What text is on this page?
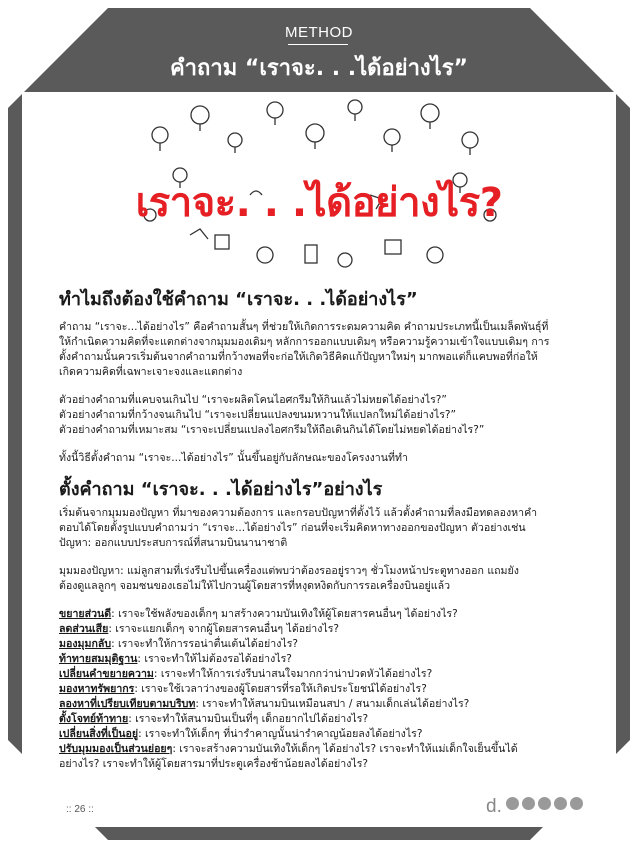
METHOD
คำถาม “เราจะ. . .ได้อย่างไร”
เราจะ. . .ได้อย่างไร?
ทำไมถึงต้องใช้คำถาม “เราจะ. . .ได้อย่างไร”
คำถาม “เราจะ...ได้อย่างไร” คือคำถามสั้นๆ ที่ช่วยให้เกิดการระดมความคิด คำถามประเภทนี้เป็นเมล็ดพันธุ์ที่
ให้กำเนิดความคิดที่จะแตกต่างจากมุมมองเดิมๆ หลักการออกแบบเดิมๆ หรือความรู้ความเข้าใจแบบเดิมๆ การ
ตั้งคำถามนั้นควรเริ่มต้นจากคำถามที่กว้างพอที่จะก่อให้เกิดวิธีคิดแก้ปัญหาใหม่ๆ มากพอแต่ก็แคบพอที่ก่อให้
เกิดความคิดที่เฉพาะเจาะจงและแตกต่าง
ตัวอย่างคำถามที่แคบจนเกินไป “เราจะผลิตโคนไอศกรีมให้กินแล้วไม่หยดได้อย่างไร?”
ตัวอย่างคำถามที่กว้างจนเกินไป “เราจะเปลี่ยนแปลงขนมหวานให้แปลกใหม่ได้อย่างไร?”
ตัวอย่างคำถามที่เหมาะสม “เราจะเปลี่ยนแปลงไอศกรีมให้ถือเดินกินได้โดยไม่หยดได้อย่างไร?”
ทั้งนี้วิธีตั้งคำถาม “เราจะ...ได้อย่างไร” นั้นขึ้นอยู่กับลักษณะของโครงงานที่ทำ
ตั้งคำถาม “เราจะ. . .ได้อย่างไร”อย่างไร
เริ่มต้นจากมุมมองปัญหา ที่มาของความต้องการ และกรอบปัญหาที่ตั้งไว้ แล้วตั้งคำถามที่ลงมือทดลองหาคำ
ตอบได้โดยตั้งรูปแบบคำถามว่า “เราจะ...ได้อย่างไร” ก่อนที่จะเริ่มคิดหาทางออกของปัญหา ตัวอย่างเช่น
ปัญหา: ออกแบบประสบการณ์ที่สนามบินนานาชาติ
มุมมองปัญหา: แม่ลูกสามที่เร่งรีบไปขึ้นเครื่องแต่พบว่าต้องรออยู่ราวๆ ชั่วโมงหน้าประตูทางออก แถมยัง
ต้องดูแลลูกๆ จอมซนของเธอไม่ให้ไปกวนผู้โดยสารที่หงุดหงิดกับการรอเครื่องบินอยู่แล้ว
ขยายส่วนดี: เราจะใช้พลังของเด็กๆ มาสร้างความบันเทิงให้ผู้โดยสารคนอื่นๆ ได้อย่างไร?
ลดส่วนเสีย: เราจะแยกเด็กๆ จากผู้โดยสารคนอื่นๆ ได้อย่างไร?
มองมุมกลับ: เราจะทำให้การรอน่าตื่นเต้นได้อย่างไร?
ท้าทายสมมุติฐาน: เราจะทำให้ไม่ต้องรอได้อย่างไร?
เปลี่ยนคำขยายความ: เราจะทำให้การเร่งรีบน่าสนใจมากกว่าน่าปวดหัวได้อย่างไร?
มองหาทรัพยากร: เราจะใช้เวลาว่างของผู้โดยสารที่รอให้เกิดประโยชน์ได้อย่างไร?
ลองหาที่เปรียบเทียบตามบริบท: เราจะทำให้สนามบินเหมือนสปา / สนามเด็กเล่นได้อย่างไร?
ตั้งโจทย์ท้าทาย: เราจะทำให้สนามบินเป็นที่ๆ เด็กอยากไปได้อย่างไร?
เปลี่ยนสิ่งที่เป็นอยู่: เราจะทำให้เด็กๆ ที่น่ารำคาญนั้นน่ารำคาญน้อยลงได้อย่างไร?
ปรับมุมมองเป็นส่วนย่อยๆ: เราจะสร้างความบันเทิงให้เด็กๆ ได้อย่างไร? เราจะทำให้แม่เด็กใจเย็นขึ้นได้
อย่างไร? เราจะทำให้ผู้โดยสารมาที่ประตูเครื่องช้าน้อยลงได้อย่างไร?
:: 26 ::	d.
